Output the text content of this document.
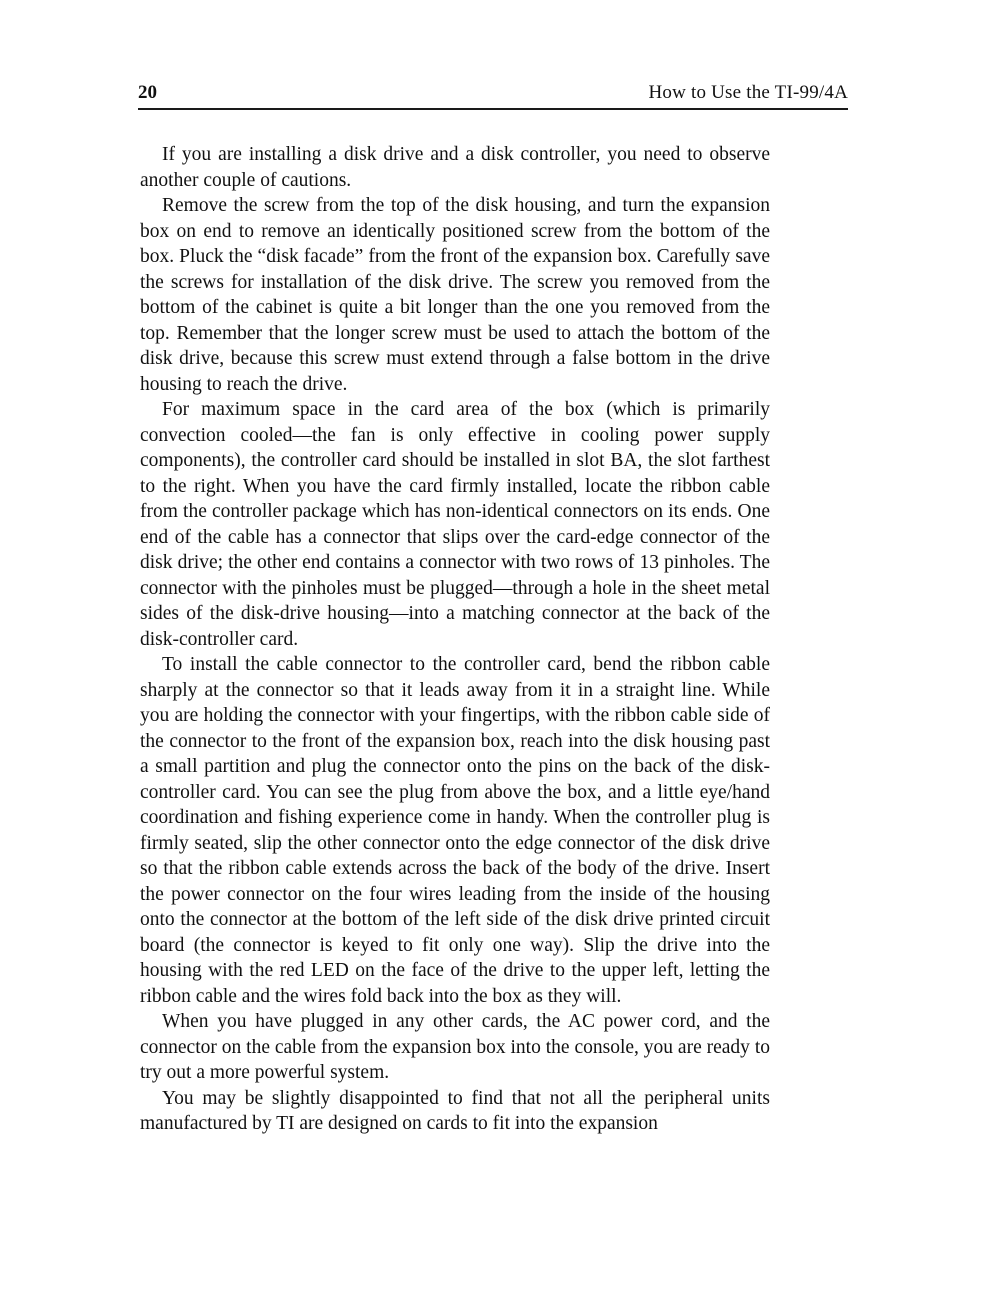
20	How to Use the TI-99/4A

If you are installing a disk drive and a disk controller, you need to observe another couple of cautions.

Remove the screw from the top of the disk housing, and turn the expansion box on end to remove an identically positioned screw from the bottom of the box. Pluck the “disk facade” from the front of the expansion box. Carefully save the screws for installation of the disk drive. The screw you removed from the bottom of the cabinet is quite a bit longer than the one you removed from the top. Remember that the longer screw must be used to attach the bottom of the disk drive, because this screw must extend through a false bottom in the drive housing to reach the drive.

For maximum space in the card area of the box (which is primarily convection cooled—the fan is only effective in cooling power supply components), the controller card should be installed in slot BA, the slot farthest to the right. When you have the card firmly installed, locate the ribbon cable from the controller package which has non-identical connectors on its ends. One end of the cable has a connector that slips over the card-edge connector of the disk drive; the other end contains a connector with two rows of 13 pinholes. The connector with the pinholes must be plugged—through a hole in the sheet metal sides of the disk-drive housing—into a matching connector at the back of the disk-controller card.

To install the cable connector to the controller card, bend the ribbon cable sharply at the connector so that it leads away from it in a straight line. While you are holding the connector with your fingertips, with the ribbon cable side of the connector to the front of the expansion box, reach into the disk housing past a small partition and plug the connector onto the pins on the back of the disk-controller card. You can see the plug from above the box, and a little eye/hand coordination and fishing experience come in handy. When the controller plug is firmly seated, slip the other connector onto the edge connector of the disk drive so that the ribbon cable extends across the back of the body of the drive. Insert the power connector on the four wires leading from the inside of the housing onto the connector at the bottom of the left side of the disk drive printed circuit board (the connector is keyed to fit only one way). Slip the drive into the housing with the red LED on the face of the drive to the upper left, letting the ribbon cable and the wires fold back into the box as they will.

When you have plugged in any other cards, the AC power cord, and the connector on the cable from the expansion box into the console, you are ready to try out a more powerful system.

You may be slightly disappointed to find that not all the peripheral units manufactured by TI are designed on cards to fit into the expansion
